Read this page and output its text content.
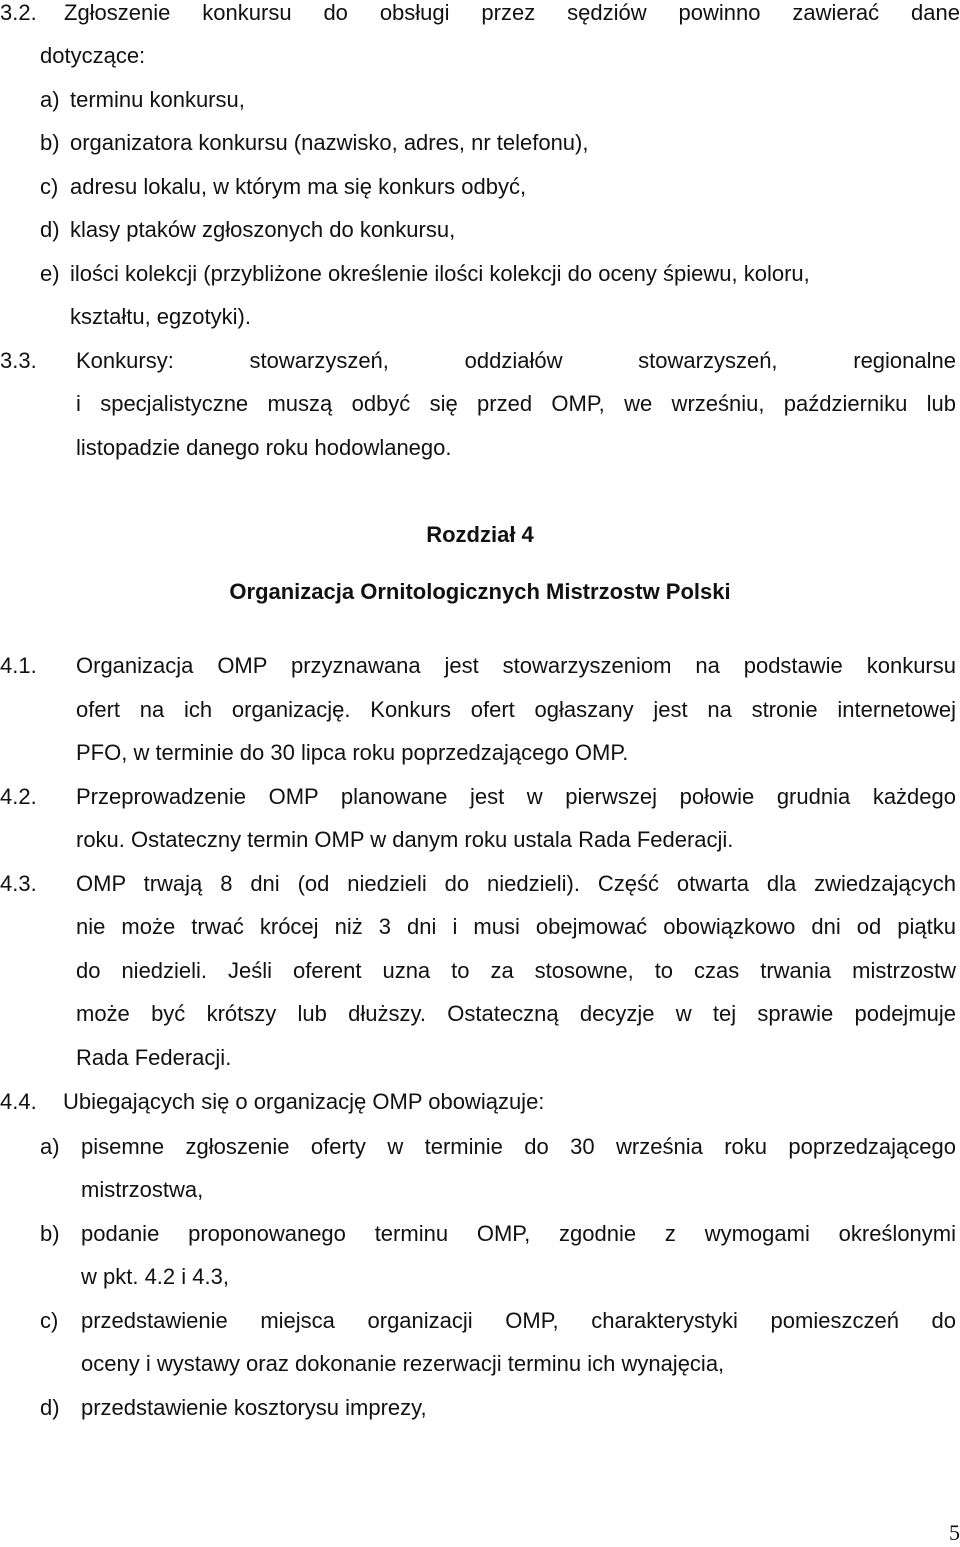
3.2. Zgłoszenie konkursu do obsługi przez sędziów powinno zawierać dane
dotyczące:
a) terminu konkursu,
b) organizatora konkursu (nazwisko, adres, nr telefonu),
c) adresu lokalu, w którym ma się konkurs odbyć,
d) klasy ptaków zgłoszonych do konkursu,
e) ilości kolekcji (przybliżone określenie ilości kolekcji do oceny śpiewu, koloru,
kształtu, egzotyki).
3.3. Konkursy: stowarzyszeń, oddziałów stowarzyszeń, regionalne
i specjalistyczne muszą odbyć się przed OMP, we wrześniu, październiku lub
listopadzie danego roku hodowlanego.
Rozdział 4
Organizacja Ornitologicznych Mistrzostw Polski
4.1. Organizacja OMP przyznawana jest stowarzyszeniom na podstawie konkursu
ofert na ich organizację. Konkurs ofert ogłaszany jest na stronie internetowej
PFO, w terminie do 30 lipca roku poprzedzającego OMP.
4.2. Przeprowadzenie OMP planowane jest w pierwszej połowie grudnia każdego
roku. Ostateczny termin OMP w danym roku ustala Rada Federacji.
4.3. OMP trwają 8 dni (od niedzieli do niedzieli). Część otwarta dla zwiedzających
nie może trwać krócej niż 3 dni i musi obejmować obowiązkowo dni od piątku
do niedzieli. Jeśli oferent uzna to za stosowne, to czas trwania mistrzostw
może być krótszy lub dłuższy. Ostateczną decyzje w tej sprawie podejmuje
Rada Federacji.
4.4. Ubiegających się o organizację OMP obowiązuje:
a) pisemne zgłoszenie oferty w terminie do 30 września roku poprzedzającego
mistrzostwa,
b) podanie proponowanego terminu OMP, zgodnie z wymogami określonymi
w pkt. 4.2 i 4.3,
c) przedstawienie miejsca organizacji OMP, charakterystyki pomieszczeń do
oceny i wystawy oraz dokonanie rezerwacji terminu ich wynajęcia,
d) przedstawienie kosztorysu imprezy,
5
